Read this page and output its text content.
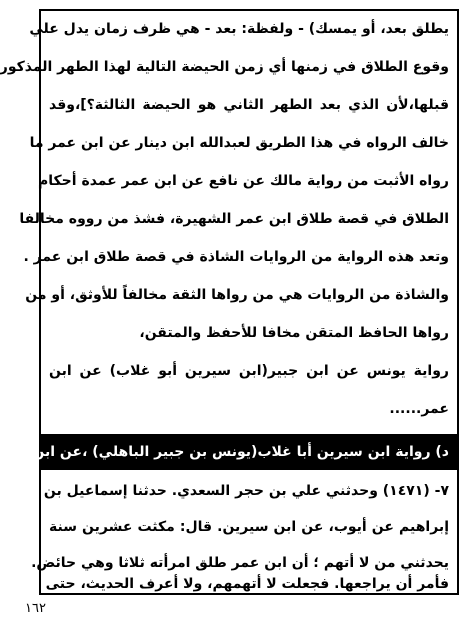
يطلق بعد، أو يمسك) - ولفظة: بعد - هي ظرف زمان يدل علي
وقوع الطلاق في زمنها أي زمن الحيضة التالية لهذا الطهر المذكور
قبلها،لأن الذي بعد الطهر الثاني هو الحيضة الثالثة؟]،وقد
خالف الرواه في هذا الطريق لعبدالله ابن دينار عن ابن عمر ما
رواه الأثبت من رواية مالك عن نافع عن ابن عمر عمدة أحكام
الطلاق في قصة طلاق ابن عمر الشهيرة، فشذ من رووه مخالفا
وتعد هذه الرواية من الروايات الشاذة في قصة طلاق ابن عمر .
والشاذة من الروايات هي من رواها الثقة مخالفاً للأوثق، أو من
رواها الحافظ المتقن مخافا للأحفظ والمتقن،
رواية يونس عن ابن جبير(ابن سيرين أبو غلاب) عن ابن
عمر......
د) رواية ابن سيرين أبا غلاب(يونس بن جبير الباهلي) ،عن ابن عمر
٧- (١٤٧١) وحدثني علي بن حجر السعدي. حدثنا إسماعيل بن
إبراهيم عن أيوب، عن ابن سيرين. قال: مكثت عشرين سنة
يحدثني من لا أتهم ؛ أن ابن عمر طلق امرأته ثلاثا وهي حائض.
فأمر أن يراجعها. فجعلت لا أتهمهم، ولا أعرف الحديث، حتى
١٦٢
